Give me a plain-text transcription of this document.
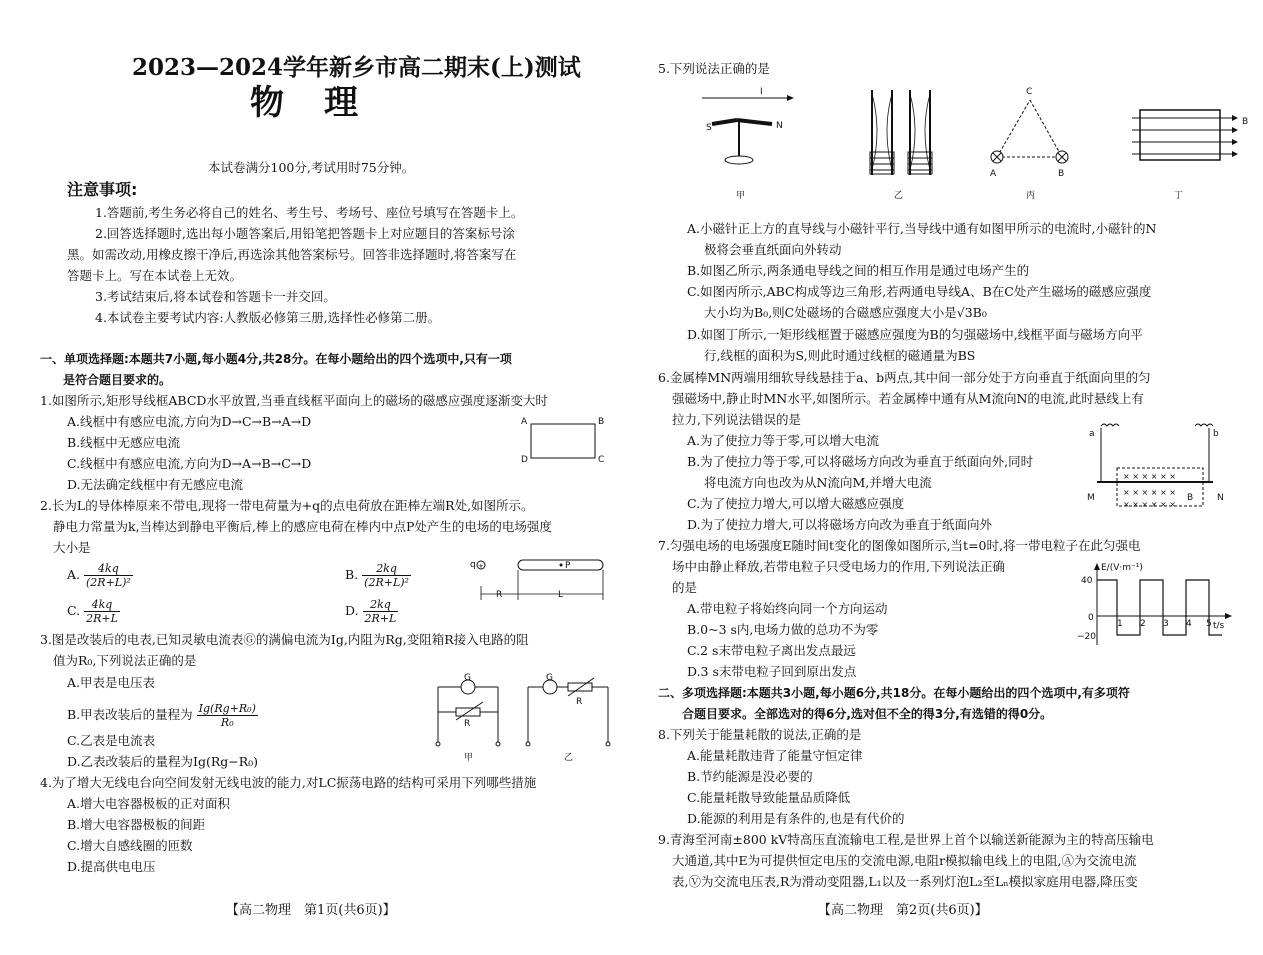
2023—2024学年新乡市高二期末(上)测试
物理
本试卷满分100分,考试用时75分钟。
注意事项:
1.答题前,考生务必将自己的姓名、考生号、考场号、座位号填写在答题卡上。
2.回答选择题时,选出每小题答案后,用铅笔把答题卡上对应题目的答案标号涂
黑。如需改动,用橡皮擦干净后,再选涂其他答案标号。回答非选择题时,将答案写在
答题卡上。写在本试卷上无效。
3.考试结束后,将本试卷和答题卡一并交回。
4.本试卷主要考试内容:人教版必修第三册,选择性必修第二册。
一、单项选择题:本题共7小题,每小题4分,共28分。在每小题给出的四个选项中,只有一项
是符合题目要求的。
1.如图所示,矩形导线框ABCD水平放置,当垂直线框平面向上的磁场的磁感应强度逐渐变大时
A.线框中有感应电流,方向为D→C→B→A→D
B.线框中无感应电流
C.线框中有感应电流,方向为D→A→B→C→D
D.无法确定线框中有无感应电流
A	B
C
D
2.长为L的导体棒原来不带电,现将一带电荷量为+q的点电荷放在距棒左端R处,如图所示。
静电力常量为k,当棒达到静电平衡后,棒上的感应电荷在棒内中点P处产生的电场的电场强度
大小是
A. $\frac{4kq}{\text{(2R+L)²}}$	B. $\frac{2kq}{\text{(2R+L)²}}$
C. $\frac{4kq}{2R+L}$	D. $\frac{2kq}{2R+L}$
q +	P
R	L
3.图是改装后的电表,已知灵敏电流表Ⓖ的满偏电流为Ig,内阻为Rg,变阻箱R接入电路的阻
值为R₀,下列说法正确的是
A.甲表是电压表
B.甲表改装后的量程为 $\frac{\text{Ig(Rg+R₀)}}{\text{R₀}}$
C.乙表是电流表
D.乙表改装后的量程为Ig(Rg−R₀)
G
R
甲
G
R
乙
4.为了增大无线电台向空间发射无线电波的能力,对LC振荡电路的结构可采用下列哪些措施
A.增大电容器极板的正对面积
B.增大电容器极板的间距
C.增大自感线圈的匝数
D.提高供电电压
【高二物理　第1页(共6页)】
5.下列说法正确的是
I
S	N
甲	乙
C
A	B
丙
B
丁
A.小磁针正上方的直导线与小磁针平行,当导线中通有如图甲所示的电流时,小磁针的N
极将会垂直纸面向外转动
B.如图乙所示,两条通电导线之间的相互作用是通过电场产生的
C.如图丙所示,ABC构成等边三角形,若两通电导线A、B在C处产生磁场的磁感应强度
大小均为B₀,则C处磁场的合磁感应强度大小是√3B₀
D.如图丁所示,一矩形线框置于磁感应强度为B的匀强磁场中,线框平面与磁场方向平
行,线框的面积为S,则此时通过线框的磁通量为BS
6.金属棒MN两端用细软导线悬挂于a、b两点,其中间一部分处于方向垂直于纸面向里的匀
强磁场中,静止时MN水平,如图所示。若金属棒中通有从M流向N的电流,此时悬线上有
拉力,下列说法错误的是
A.为了使拉力等于零,可以增大电流
B.为了使拉力等于零,可以将磁场方向改为垂直于纸面向外,同时
将电流方向也改为从N流向M,并增大电流
C.为了使拉力增大,可以增大磁感应强度
D.为了使拉力增大,可以将磁场方向改为垂直于纸面向外
a	b
× × × × × ×
× × × × × ×
× × × × × ×
B
M	N
7.匀强电场的电场强度E随时间t变化的图像如图所示,当t=0时,将一带电粒子在此匀强电
场中由静止释放,若带电粒子只受电场力的作用,下列说法正确
的是
A.带电粒子将始终向同一个方向运动
B.0~3 s内,电场力做的总功不为零
C.2 s末带电粒子离出发点最远
D.3 s末带电粒子回到原出发点
E/(V·m⁻¹)
40
0
−20
t/s
1 2 3 4 5
二、多项选择题:本题共3小题,每小题6分,共18分。在每小题给出的四个选项中,有多项符
合题目要求。全部选对的得6分,选对但不全的得3分,有选错的得0分。
8.下列关于能量耗散的说法,正确的是
A.能量耗散违背了能量守恒定律
B.节约能源是没必要的
C.能量耗散导致能量品质降低
D.能源的利用是有条件的,也是有代价的
9.青海至河南±800 kV特高压直流输电工程,是世界上首个以输送新能源为主的特高压输电
大通道,其中E为可提供恒定电压的交流电源,电阻r模拟输电线上的电阻,Ⓐ为交流电流
表,Ⓥ为交流电压表,R为滑动变阻器,L₁以及一系列灯泡L₂至Lₙ模拟家庭用电器,降压变
【高二物理　第2页(共6页)】
